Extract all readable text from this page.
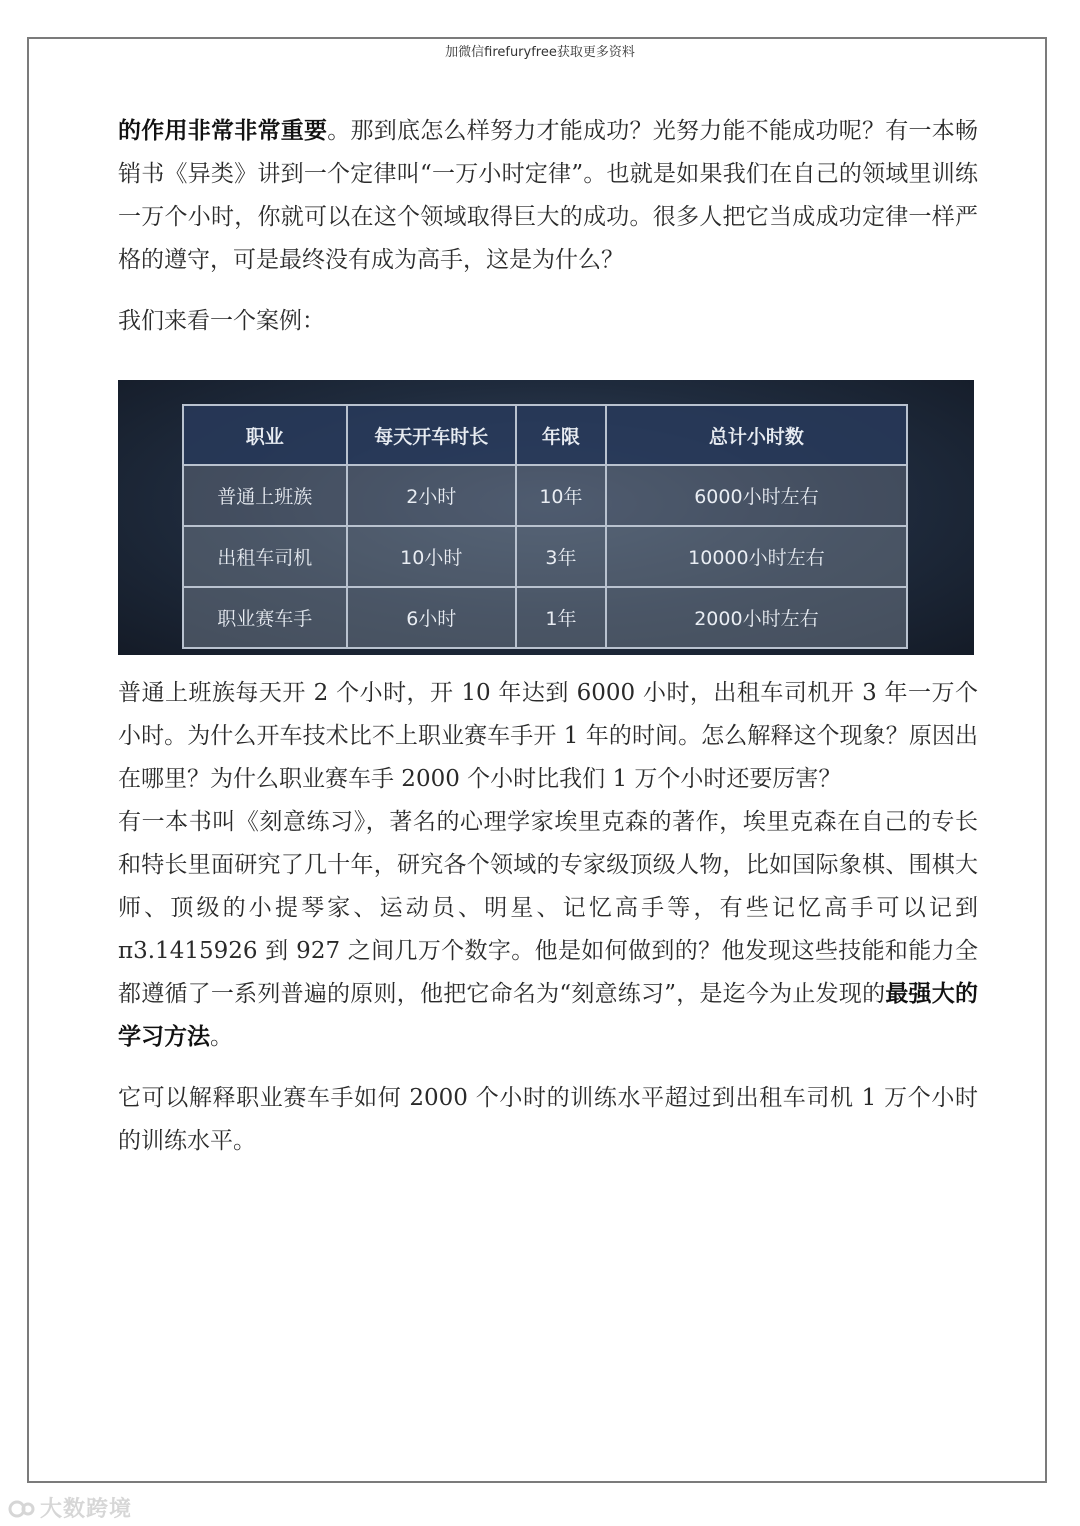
加微信firefuryfree获取更多资料

的作用非常非常重要。那到底怎么样努力才能成功？光努力能不能成功呢？有一本畅销书《异类》讲到一个定律叫“一万小时定律”。也就是如果我们在自己的领域里训练一万个小时，你就可以在这个领域取得巨大的成功。很多人把它当成成功定律一样严格的遵守，可是最终没有成为高手，这是为什么？

我们来看一个案例：

职业	每天开车时长	年限	总计小时数
普通上班族	2小时	10年	6000小时左右
出租车司机	10小时	3年	10000小时左右
职业赛车手	6小时	1年	2000小时左右

普通上班族每天开 2 个小时，开 10 年达到 6000 小时，出租车司机开 3 年一万个小时。为什么开车技术比不上职业赛车手开 1 年的时间。怎么解释这个现象？原因出在哪里？为什么职业赛车手 2000 个小时比我们 1 万个小时还要厉害？

有一本书叫《刻意练习》，著名的心理学家埃里克森的著作，埃里克森在自己的专长和特长里面研究了几十年，研究各个领域的专家级顶级人物，比如国际象棋、围棋大师、顶级的小提琴家、运动员、明星、记忆高手等，有些记忆高手可以记到π3.1415926 到 927 之间几万个数字。他是如何做到的？他发现这些技能和能力全都遵循了一系列普遍的原则，他把它命名为“刻意练习”，是迄今为止发现的最强大的学习方法。

它可以解释职业赛车手如何 2000 个小时的训练水平超过到出租车司机 1 万个小时的训练水平。

大数跨境
